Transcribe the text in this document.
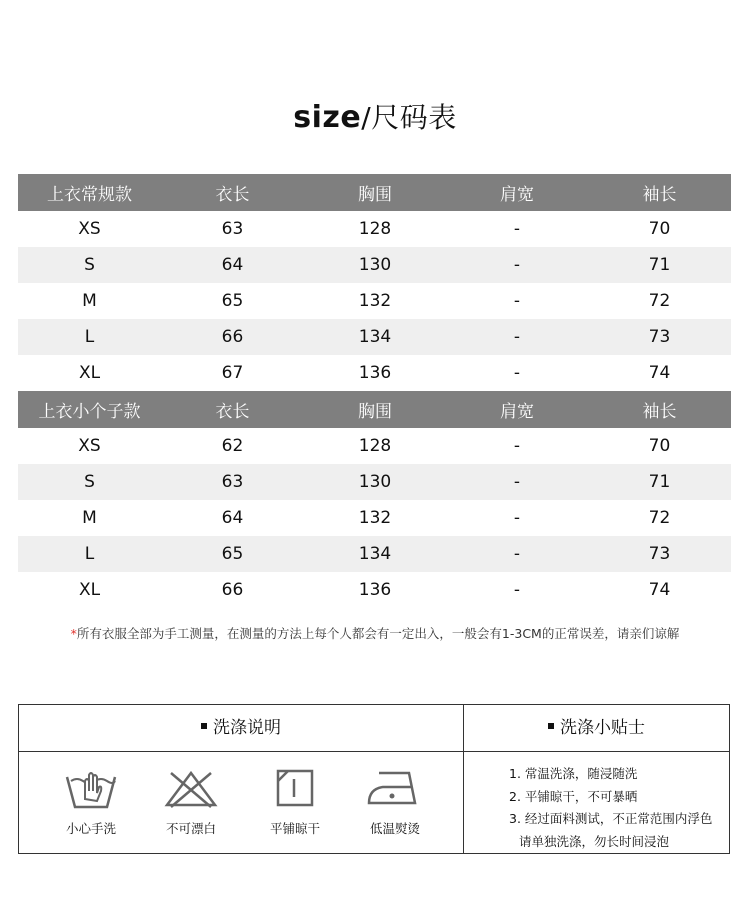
size/尺码表
上衣常规款	衣长	胸围	肩宽	袖长
XS	63	128	-	70
S	64	130	-	71
M	65	132	-	72
L	66	134	-	73
XL	67	136	-	74
上衣小个子款	衣长	胸围	肩宽	袖长
XS	62	128	-	70
S	63	130	-	71
M	64	132	-	72
L	65	134	-	73
XL	66	136	-	74
*所有衣服全部为手工测量，在测量的方法上每个人都会有一定出入，一般会有1-3CM的正常误差，请亲们谅解
洗涤说明	洗涤小贴士
小心手洗	不可漂白	平铺晾干	低温熨烫
1. 常温洗涤，随浸随洗
2. 平铺晾干，不可暴晒
3. 经过面料测试，不正常范围内浮色
请单独洗涤，勿长时间浸泡
